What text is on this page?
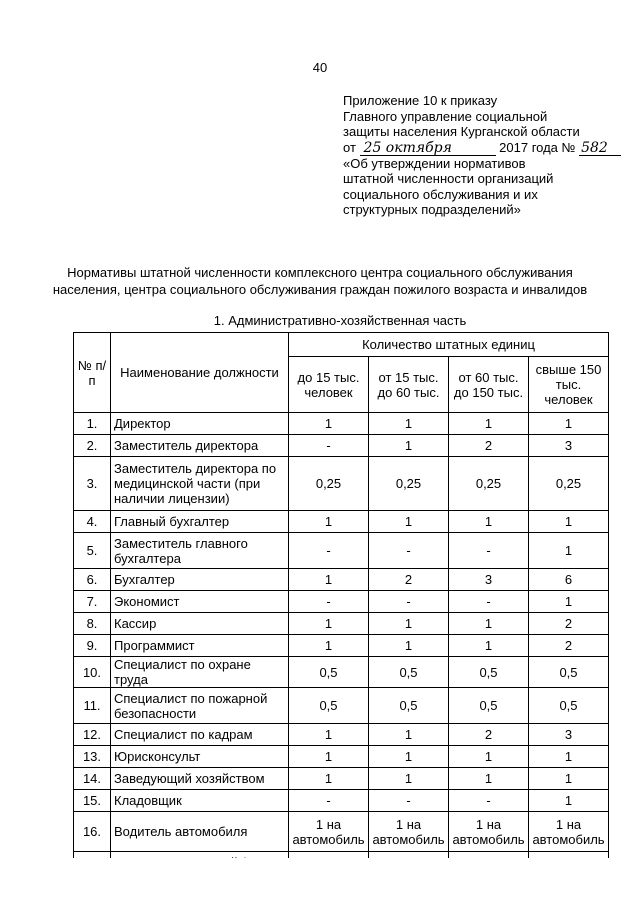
40
Приложение 10 к приказу
Главного управление социальной
защиты населения Курганской области
от 25 октября	2017 года № 582
«Об утверждении нормативов
штатной численности организаций
социального обслуживания и их
структурных подразделений»
Нормативы штатной численности комплексного центра социального обслуживания
населения, центра социального обслуживания граждан пожилого возраста и инвалидов
1. Административно-хозяйственная часть
№ п/п	Наименование должности	Количество штатных единиц			
		до 15 тыс. человек	от 15 тыс. до 60 тыс.	от 60 тыс. до 150 тыс.	свыше 150 тыс. человек
1.	Директор	1	1	1	1
2.	Заместитель директора	-	1	2	3
3.	Заместитель директора по медицинской части (при наличии лицензии)	0,25	0,25	0,25	0,25
4.	Главный бухгалтер	1	1	1	1
5.	Заместитель главного бухгалтера	-	-	-	1
6.	Бухгалтер	1	2	3	6
7.	Экономист	-	-	-	1
8.	Кассир	1	1	1	2
9.	Программист	1	1	1	2
10.	Специалист по охране труда	0,5	0,5	0,5	0,5
11.	Специалист по пожарной безопасности	0,5	0,5	0,5	0,5
12.	Специалист по кадрам	1	1	2	3
13.	Юрисконсульт	1	1	1	1
14.	Заведующий хозяйством	1	1	1	1
15.	Кладовщик	-	-	-	1
16.	Водитель автомобиля	1 на автомобиль	1 на автомобиль	1 на автомобиль	1 на автомобиль
